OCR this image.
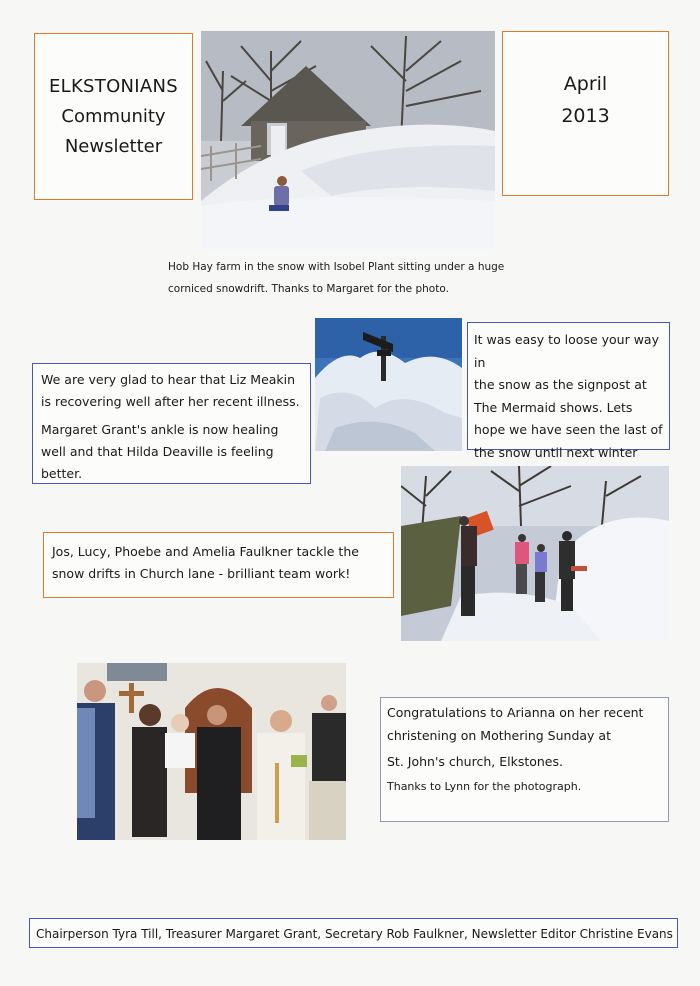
ELKSTONIANS
Community
Newsletter
April
2013

Hob Hay farm in the snow with Isobel Plant sitting under a huge

corniced snowdrift. Thanks to Margaret for the photo.

It was easy to loose your way in

the snow as the signpost at

The Mermaid shows. Lets

hope we have seen the last of

the snow until next winter

We are very glad to hear that Liz Meakin is recovering well after her recent illness.

Margaret Grant's ankle is now healing well and that Hilda Deaville is feeling better.

Jos, Lucy, Phoebe and Amelia Faulkner tackle the snow drifts in Church lane - brilliant team work!

Congratulations to Arianna on her recent christening on Mothering Sunday at

St. John's church, Elkstones.

Thanks to Lynn for the photograph.

Chairperson Tyra Till, Treasurer Margaret Grant, Secretary Rob Faulkner, Newsletter Editor Christine Evans
